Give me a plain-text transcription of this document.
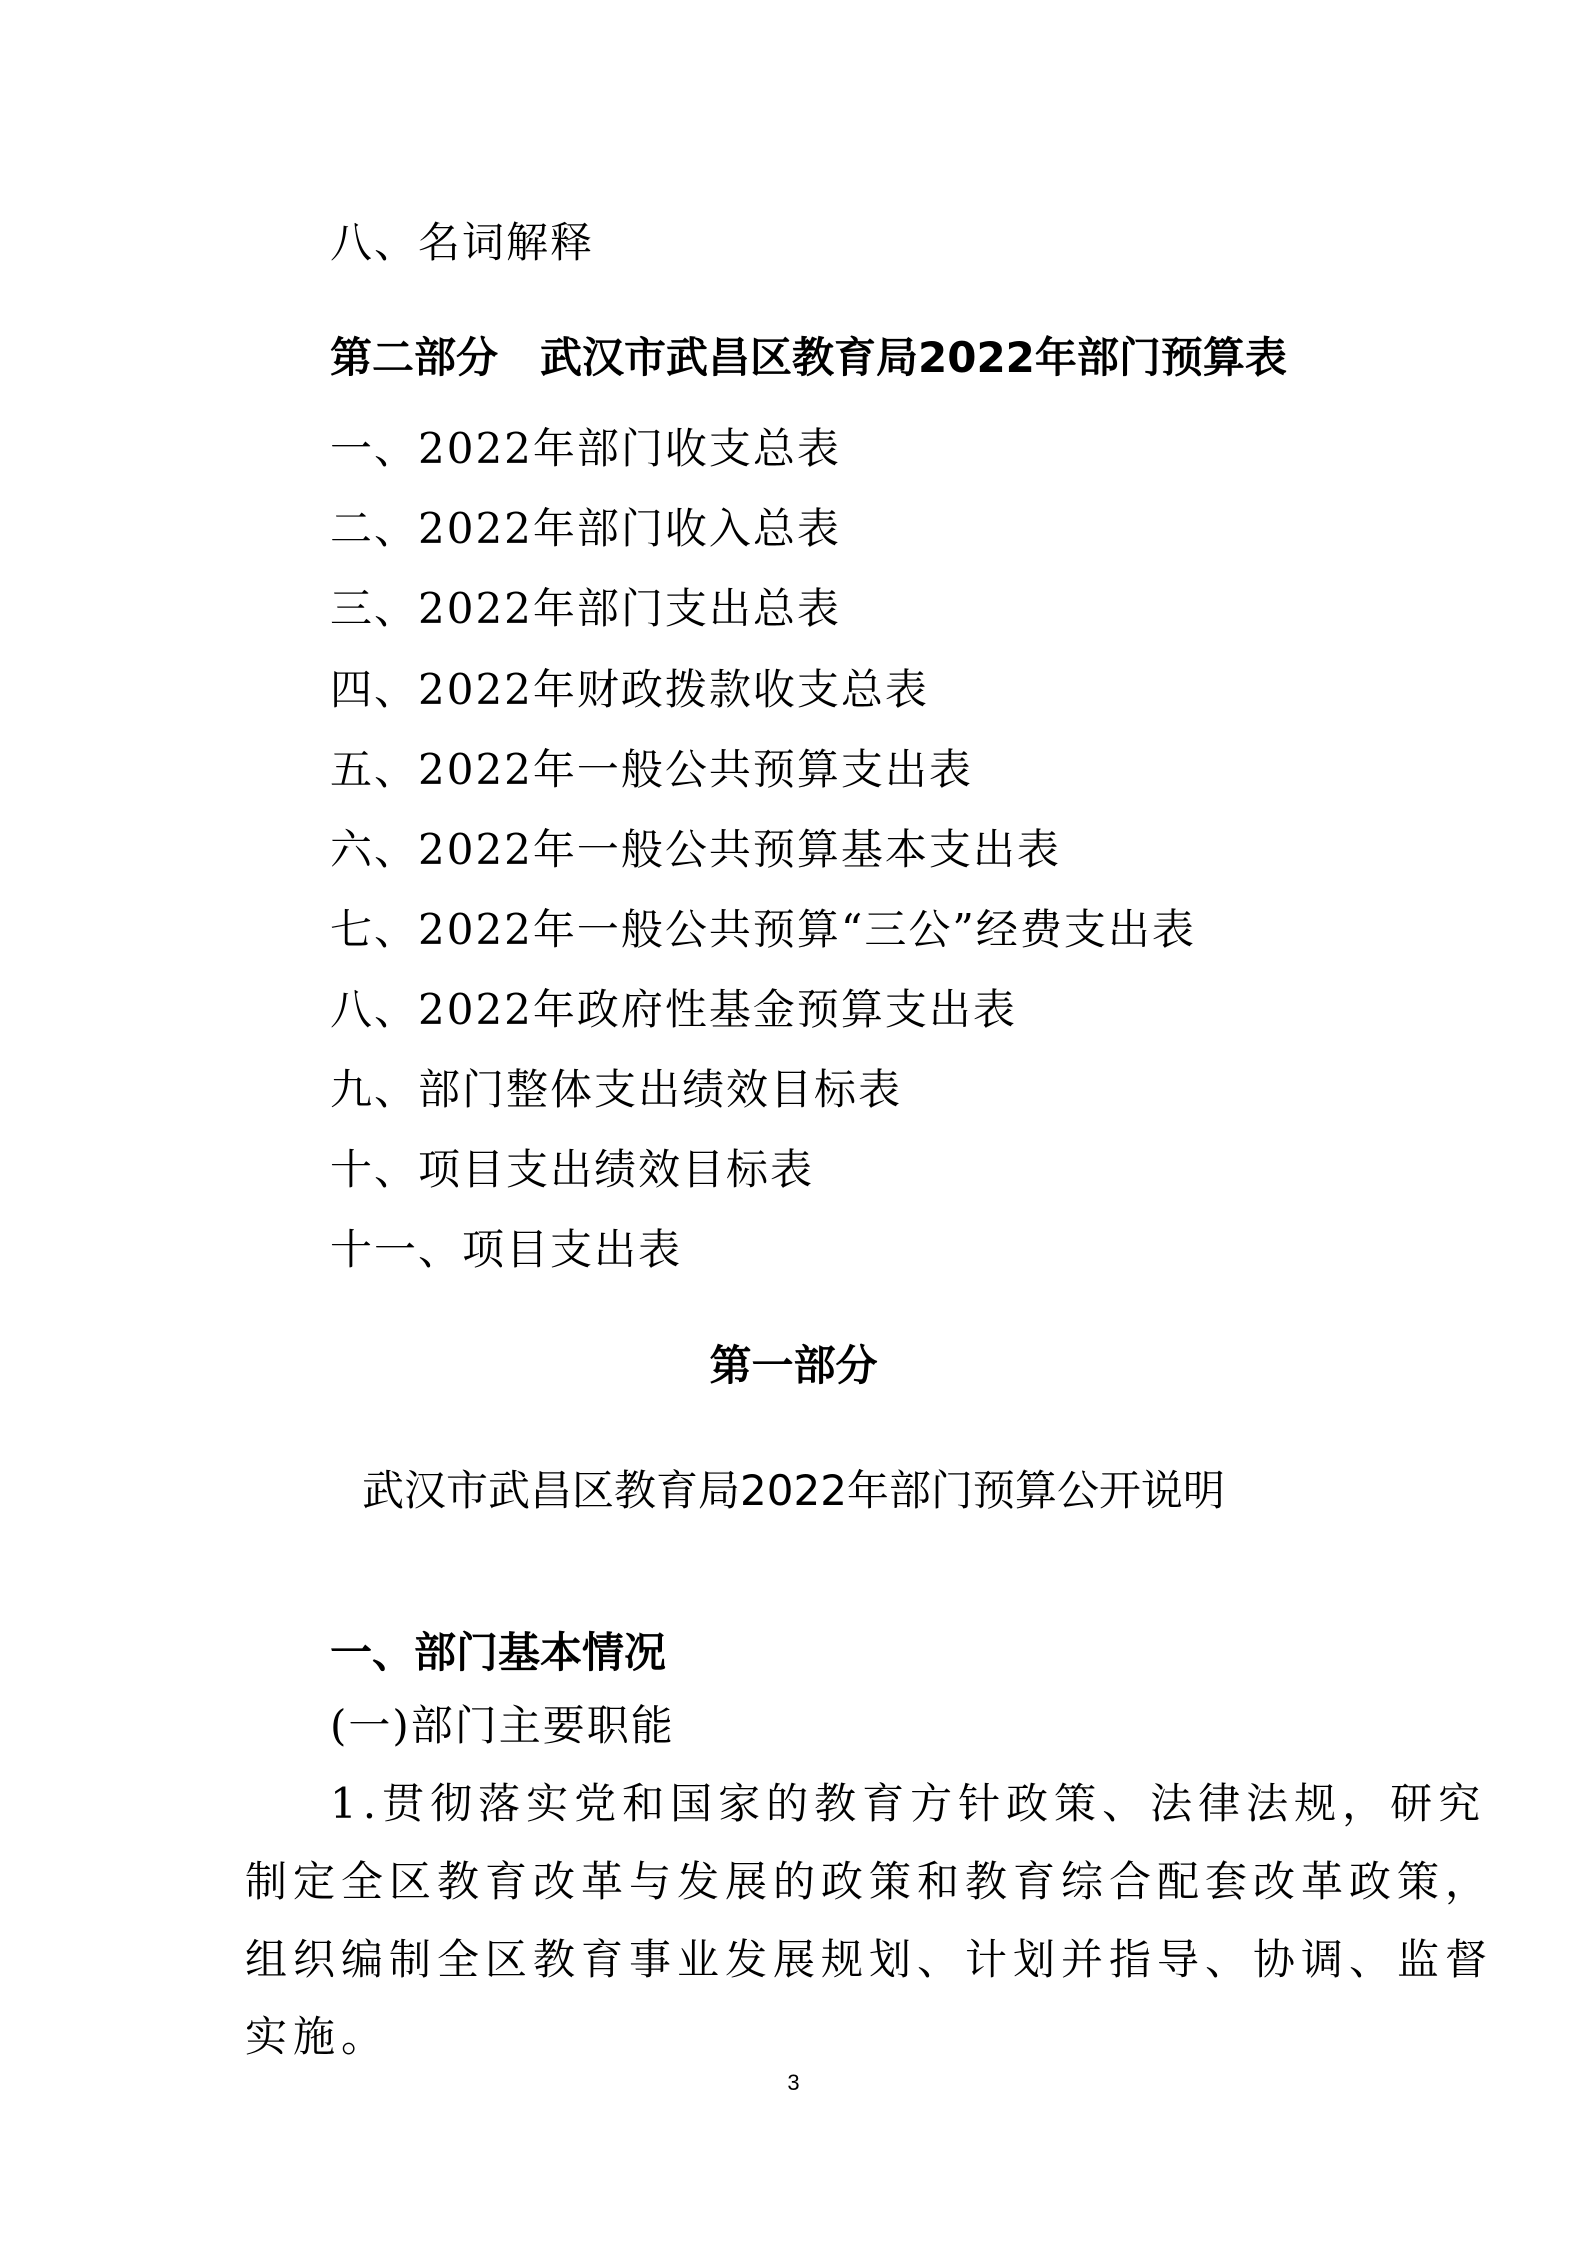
八、名词解释
第二部分　武汉市武昌区教育局2022年部门预算表
一、2022年部门收支总表
二、2022年部门收入总表
三、2022年部门支出总表
四、2022年财政拨款收支总表
五、2022年一般公共预算支出表
六、2022年一般公共预算基本支出表
七、2022年一般公共预算“三公”经费支出表
八、2022年政府性基金预算支出表
九、部门整体支出绩效目标表
十、项目支出绩效目标表
十一、项目支出表
第一部分
武汉市武昌区教育局2022年部门预算公开说明
一、部门基本情况
(一)部门主要职能
1.贯彻落实党和国家的教育方针政策、法律法规，研究
制定全区教育改革与发展的政策和教育综合配套改革政策，
组织编制全区教育事业发展规划、计划并指导、协调、监督
实施。
3
